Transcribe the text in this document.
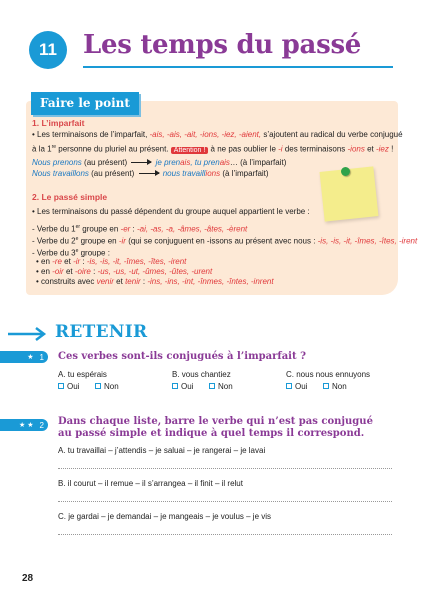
11 Les temps du passé
Faire le point
1. L’imparfait
• Les terminaisons de l’imparfait, -ais, -ais, -ait, -ions, -iez, -aient, s’ajoutent au radical du verbe conjugué
à la 1re personne du pluriel au présent. Attention ! à ne pas oublier le -i des terminaisons -ions et -iez !
Nous prenons (au présent)	je prenais, tu prenais… (à l’imparfait)
Nous travaillons (au présent)	nous travaillions (à l’imparfait)
2. Le passé simple
• Les terminaisons du passé dépendent du groupe auquel appartient le verbe :
- Verbe du 1er groupe en -er : -ai, -as, -a, -âmes, -âtes, -èrent
- Verbe du 2e groupe en -ir (qui se conjuguent en -issons au présent avec nous : -is, -is, -it, -îmes, -îtes, -irent
- Verbe du 3e groupe :
• en -re et -ir : -is, -is, -it, -îmes, -îtes, -irent
• en -oir et -oire : -us, -us, -ut, -ûmes, -ûtes, -urent
• construits avec venir et tenir : -ins, -ins, -int, -înmes, -întes, -inrent
RETENIR
★ 1 Ces verbes sont-ils conjugués à l’imparfait ?
A. tu espérais
Oui	Non
B. vous chantiez
Oui	Non
C. nous nous ennuyons
Oui	Non
★ ★ 2 Dans chaque liste, barre le verbe qui n’est pas conjugué
au passé simple et indique à quel temps il correspond.
A. tu travaillai – j’attendis – je saluai – je rangerai – je lavai
B. il courut – il remue – il s’arrangea – il finit – il relut
C. je gardai – je demandai – je mangeais – je voulus – je vis
28
